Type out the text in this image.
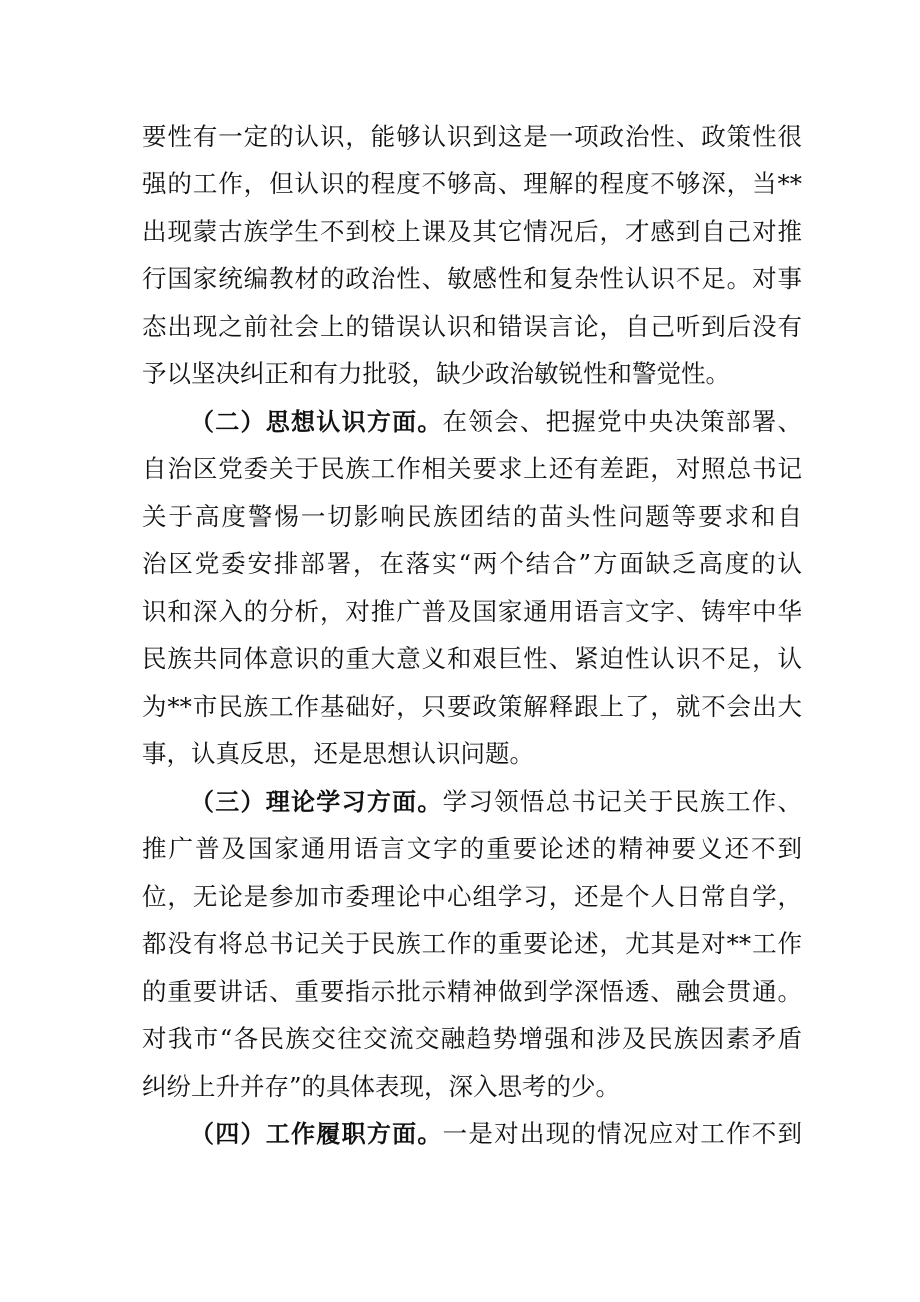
要性有一定的认识，能够认识到这是一项政治性、政策性很
强的工作，但认识的程度不够高、理解的程度不够深，当**
出现蒙古族学生不到校上课及其它情况后，才感到自己对推
行国家统编教材的政治性、敏感性和复杂性认识不足。对事
态出现之前社会上的错误认识和错误言论，自己听到后没有
予以坚决纠正和有力批驳，缺少政治敏锐性和警觉性。
（二）思想认识方面。在领会、把握党中央决策部署、
自治区党委关于民族工作相关要求上还有差距，对照总书记
关于高度警惕一切影响民族团结的苗头性问题等要求和自
治区党委安排部署，在落实“两个结合”方面缺乏高度的认
识和深入的分析，对推广普及国家通用语言文字、铸牢中华
民族共同体意识的重大意义和艰巨性、紧迫性认识不足，认
为**市民族工作基础好，只要政策解释跟上了，就不会出大
事，认真反思，还是思想认识问题。
（三）理论学习方面。学习领悟总书记关于民族工作、
推广普及国家通用语言文字的重要论述的精神要义还不到
位，无论是参加市委理论中心组学习，还是个人日常自学，
都没有将总书记关于民族工作的重要论述，尤其是对**工作
的重要讲话、重要指示批示精神做到学深悟透、融会贯通。
对我市“各民族交往交流交融趋势增强和涉及民族因素矛盾
纠纷上升并存”的具体表现，深入思考的少。
（四）工作履职方面。一是对出现的情况应对工作不到
